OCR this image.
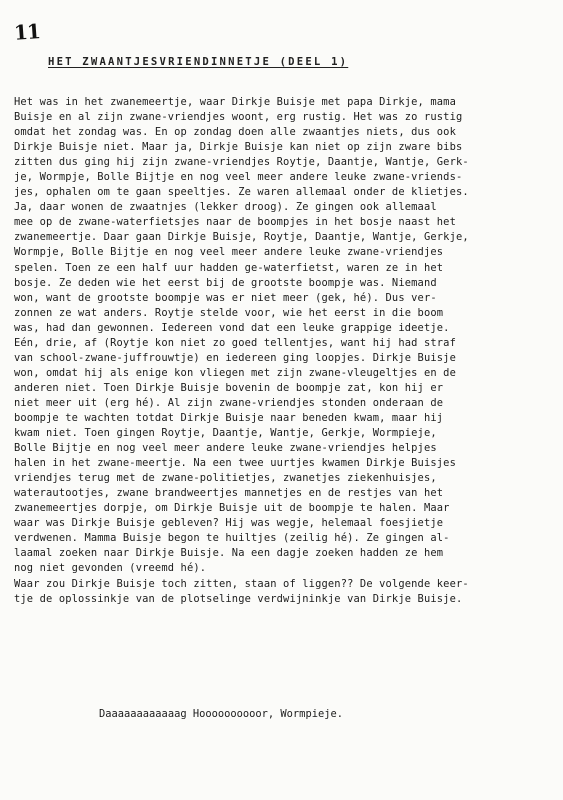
11
HET ZWAANTJESVRIENDINNETJE (DEEL 1)
Het was in het zwanemeertje, waar Dirkje Buisje met papa Dirkje, mama
Buisje en al zijn zwane-vriendjes woont, erg rustig. Het was zo rustig
omdat het zondag was. En op zondag doen alle zwaantjes niets, dus ook
Dirkje Buisje niet. Maar ja, Dirkje Buisje kan niet op zijn zware bibs
zitten dus ging hij zijn zwane-vriendjes Roytje, Daantje, Wantje, Gerk-
je, Wormpje, Bolle Bijtje en nog veel meer andere leuke zwane-vriends-
jes, ophalen om te gaan speeltjes. Ze waren allemaal onder de klietjes.
Ja, daar wonen de zwaatnjes (lekker droog). Ze gingen ook allemaal
mee op de zwane-waterfietsjes naar de boompjes in het bosje naast het
zwanemeertje. Daar gaan Dirkje Buisje, Roytje, Daantje, Wantje, Gerkje,
Wormpje, Bolle Bijtje en nog veel meer andere leuke zwane-vriendjes
spelen. Toen ze een half uur hadden ge-waterfietst, waren ze in het
bosje. Ze deden wie het eerst bij de grootste boompje was. Niemand
won, want de grootste boompje was er niet meer (gek, hé). Dus ver-
zonnen ze wat anders. Roytje stelde voor, wie het eerst in die boom
was, had dan gewonnen. Iedereen vond dat een leuke grappige ideetje.
Eén, drie, af (Roytje kon niet zo goed tellentjes, want hij had straf
van school-zwane-juffrouwtje) en iedereen ging loopjes. Dirkje Buisje
won, omdat hij als enige kon vliegen met zijn zwane-vleugeltjes en de
anderen niet. Toen Dirkje Buisje bovenin de boompje zat, kon hij er
niet meer uit (erg hé). Al zijn zwane-vriendjes stonden onderaan de
boompje te wachten totdat Dirkje Buisje naar beneden kwam, maar hij
kwam niet. Toen gingen Roytje, Daantje, Wantje, Gerkje, Wormpieje,
Bolle Bijtje en nog veel meer andere leuke zwane-vriendjes helpjes
halen in het zwane-meertje. Na een twee uurtjes kwamen Dirkje Buisjes
vriendjes terug met de zwane-politietjes, zwanetjes ziekenhuisjes,
waterautootjes, zwane brandweertjes mannetjes en de restjes van het
zwanemeertjes dorpje, om Dirkje Buisje uit de boompje te halen. Maar
waar was Dirkje Buisje gebleven? Hij was wegje, helemaal foesjietje
verdwenen. Mamma Buisje begon te huiltjes (zeilig hé). Ze gingen al-
laamal zoeken naar Dirkje Buisje. Na een dagje zoeken hadden ze hem
nog niet gevonden (vreemd hé).
Waar zou Dirkje Buisje toch zitten, staan of liggen?? De volgende keer-
tje de oplossinkje van de plotselinge verdwijninkje van Dirkje Buisje.
Daaaaaaaaaaaag Hoooooooooor, Wormpieje.
